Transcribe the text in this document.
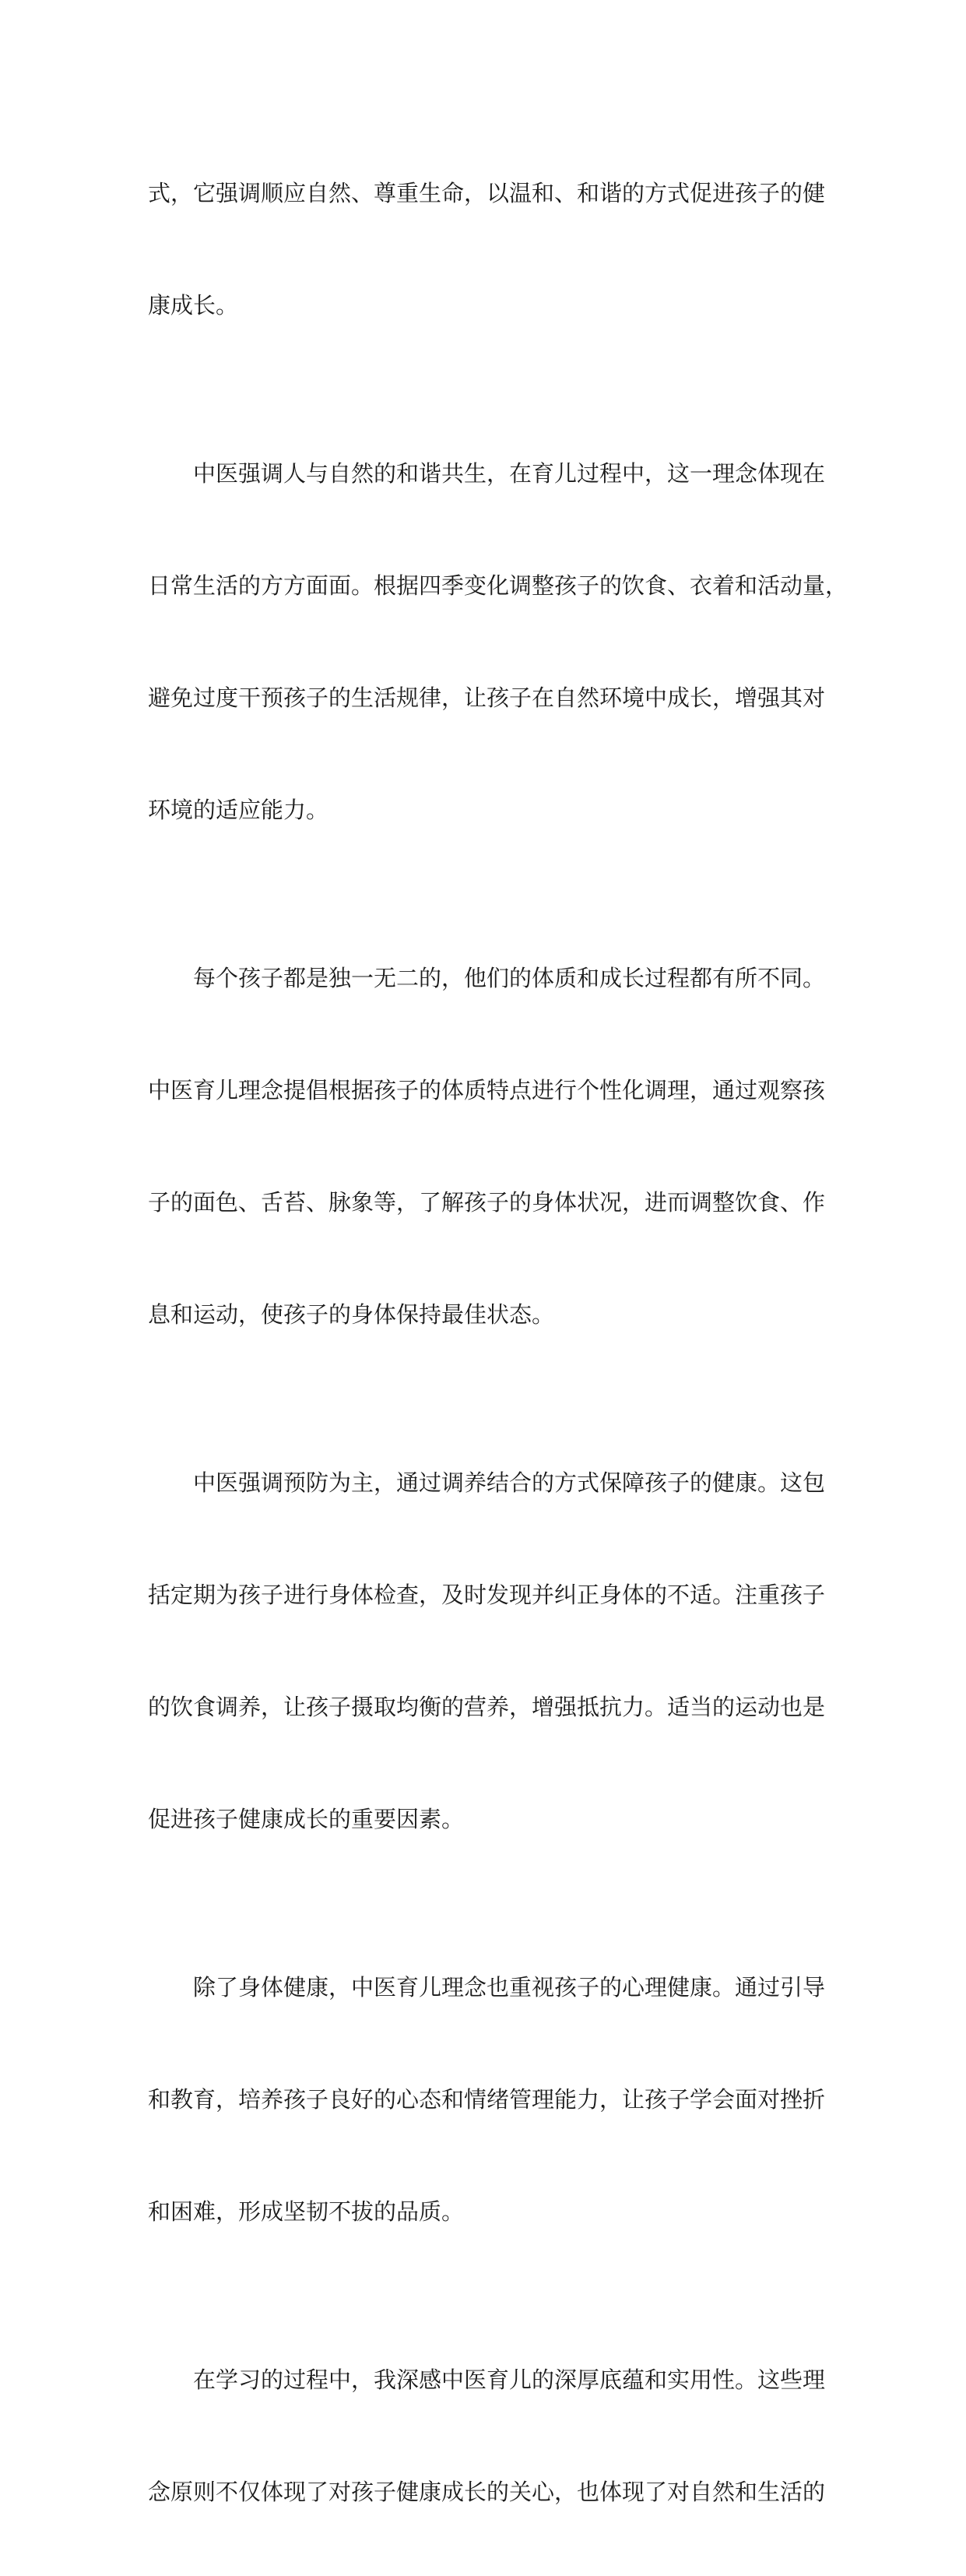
式，它强调顺应自然、尊重生命，以温和、和谐的方式促进孩子的健

康成长。

中医强调人与自然的和谐共生，在育儿过程中，这一理念体现在

日常生活的方方面面。根据四季变化调整孩子的饮食、衣着和活动量，

避免过度干预孩子的生活规律，让孩子在自然环境中成长，增强其对

环境的适应能力。

每个孩子都是独一无二的，他们的体质和成长过程都有所不同。

中医育儿理念提倡根据孩子的体质特点进行个性化调理，通过观察孩

子的面色、舌苔、脉象等，了解孩子的身体状况，进而调整饮食、作

息和运动，使孩子的身体保持最佳状态。

中医强调预防为主，通过调养结合的方式保障孩子的健康。这包

括定期为孩子进行身体检查，及时发现并纠正身体的不适。注重孩子

的饮食调养，让孩子摄取均衡的营养，增强抵抗力。适当的运动也是

促进孩子健康成长的重要因素。

除了身体健康，中医育儿理念也重视孩子的心理健康。通过引导

和教育，培养孩子良好的心态和情绪管理能力，让孩子学会面对挫折

和困难，形成坚韧不拔的品质。

在学习的过程中，我深感中医育儿的深厚底蕴和实用性。这些理

念原则不仅体现了对孩子健康成长的关心，也体现了对自然和生活的
